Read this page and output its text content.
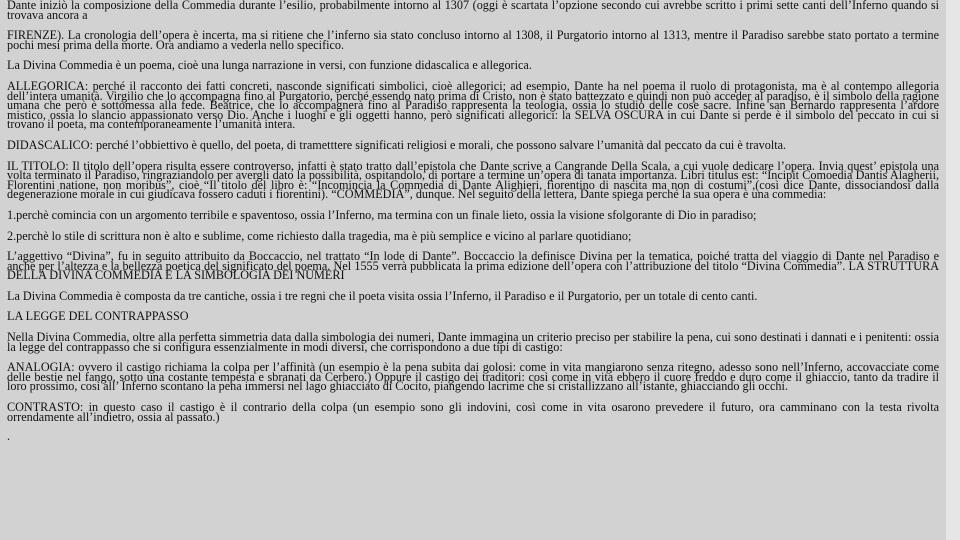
Dante iniziò la composizione della Commedia durante l’esilio, probabilmente intorno al 1307 (oggi è scartata l’opzione secondo cui avrebbe scritto i primi sette canti dell’Inferno quando si trovava ancora a

FIRENZE). La cronologia dell’opera è incerta, ma si ritiene che l’inferno sia stato concluso intorno al 1308, il Purgatorio intorno al 1313, mentre il Paradiso sarebbe stato portato a termine pochi mesi prima della morte. Ora andiamo a vederla nello specifico.

La Divina Commedia è un poema, cioè una lunga narrazione in versi, con funzione didascalica e allegorica.

ALLEGORICA: perché il racconto dei fatti concreti, nasconde significati simbolici, cioè allegorici; ad esempio, Dante ha nel poema il ruolo di protagonista, ma è al contempo allegoria dell’intera umanità. Virgilio che lo accompagna fino al Purgatorio, perché essendo nato prima di Cristo, non è stato battezzato e quindi non può acceder al paradiso, è il simbolo della ragione umana che però è sottomessa alla fede. Beatrice, che lo accompagnerà fino al Paradiso rappresenta la teologia, ossia lo studio delle cose sacre. Infine san Bernardo rappresenta l’ardore mistico, ossia lo slancio appassionato verso Dio. Anche i luoghi e gli oggetti hanno, però significati allegorici: la SELVA OSCURA in cui Dante si perde è il simbolo del peccato in cui si trovano il poeta, ma contemporaneamente l’umanità intera.

DIDASCALICO: perché l’obbiettivo è quello, del poeta, di trametttere significati religiosi e morali, che possono salvare l’umanità dal peccato da cui è travolta.

IL TITOLO: Il titolo dell’opera risulta essere controverso, infatti è stato tratto dall’epistola che Dante scrive a Cangrande Della Scala, a cui vuole dedicare l’opera. Invia quest’ epistola una volta terminato il Paradiso, ringraziandolo per avergli dato la possibilità, ospitandolo, di portare a termine un’opera di tanata importanza. Libri titulus est: “Incipit Comoedia Dantis Alagherii, Florentini natione, non moribus”, cioè “Il titolo del libro è: “Incomincia la Commedia di Dante Alighieri, fiorentino di nascita ma non di costumi”,(così dice Dante, dissociandosi dalla degenerazione morale in cui giudicava fossero caduti i fiorentini). “COMMEDIA”, dunque. Nel seguito della lettera, Dante spiega perché la sua opera è una commedia:

1.perchè comincia con un argomento terribile e spaventoso, ossia l’Inferno, ma termina con un finale lieto, ossia la visione sfolgorante di Dio in paradiso;

2.perchè lo stile di scrittura non è alto e sublime, come richiesto dalla tragedia, ma è più semplice e vicino al parlare quotidiano;

L’aggettivo “Divina”, fu in seguito attribuito da Boccaccio, nel trattato “In lode di Dante”. Boccaccio la definisce Divina per la tematica, poiché tratta del viaggio di Dante nel Paradiso e anche per l’altezza e la bellezza poetica del significato del poema. Nel 1555 verrà pubblicata la prima edizione dell’opera con l’attribuzione del titolo “Divina Commedia”. LA STRUTTURA DELLA DIVINA COMMEDIA E LA SIMBOLOGIA DEI NUMERI

La Divina Commedia è composta da tre cantiche, ossia i tre regni che il poeta visita ossia l’Inferno, il Paradiso e il Purgatorio, per un totale di cento canti.

LA LEGGE DEL CONTRAPPASSO

Nella Divina Commedia, oltre alla perfetta simmetria data dalla simbologia dei numeri, Dante immagina un criterio preciso per stabilire la pena, cui sono destinati i dannati e i penitenti: ossia la legge del contrappasso che si configura essenzialmente in modi diversi, che corrispondono a due tipi di castigo:

ANALOGIA: ovvero il castigo richiama la colpa per l’affinità (un esempio è la pena subita dai golosi: come in vita mangiarono senza ritegno, adesso sono nell’Inferno, accovacciate come delle bestie nel fango, sotto una costante tempesta e sbranati da Cerbero.) Oppure il castigo dei traditori: così come in vita ebbero il cuore freddo e duro come il ghiaccio, tanto da tradire il loro prossimo, così all’ Inferno scontano la pena immersi nel lago ghiacciato di Cocito, piangendo lacrime che si cristallizzano all’istante, ghiacciando gli occhi.

CONTRASTO: in questo caso il castigo è il contrario della colpa (un esempio sono gli indovini, così come in vita osarono prevedere il futuro, ora camminano con la testa rivolta orrendamente all’indietro, ossia al passato.)

.
